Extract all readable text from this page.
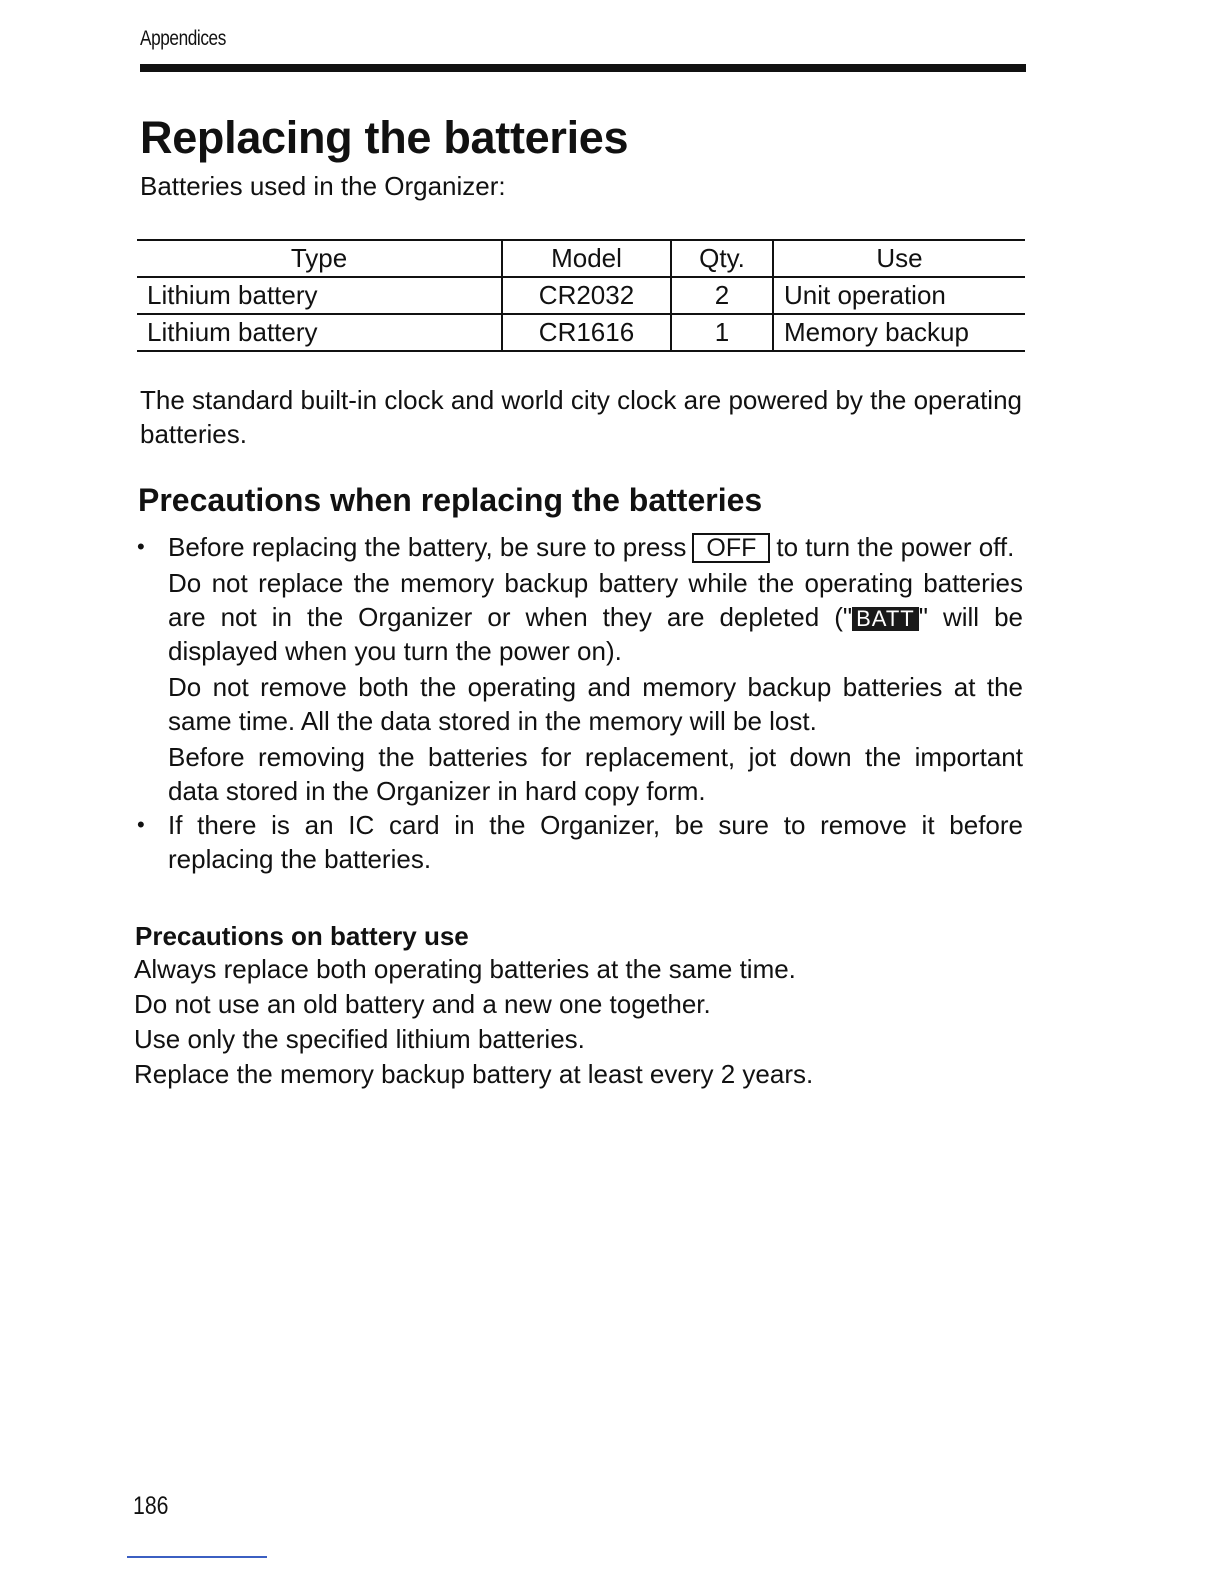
Appendices
Replacing the batteries
Batteries used in the Organizer:
Type	Model	Qty.	Use
Lithium battery	CR2032	2	Unit operation
Lithium battery	CR1616	1	Memory backup
The standard built-in clock and world city clock are powered by the operating batteries.
Precautions when replacing the batteries
• Before replacing the battery, be sure to press OFF to turn the power off.

Do not replace the memory backup battery while the operating batteries are not in the Organizer or when they are depleted (" BATT " will be displayed when you turn the power on).

Do not remove both the operating and memory backup batteries at the same time. All the data stored in the memory will be lost.

Before removing the batteries for replacement, jot down the important data stored in the Organizer in hard copy form.

• If there is an IC card in the Organizer, be sure to remove it before replacing the batteries.

Precautions on battery use
Always replace both operating batteries at the same time.
Do not use an old battery and a new one together.
Use only the specified lithium batteries.
Replace the memory backup battery at least every 2 years.
186
